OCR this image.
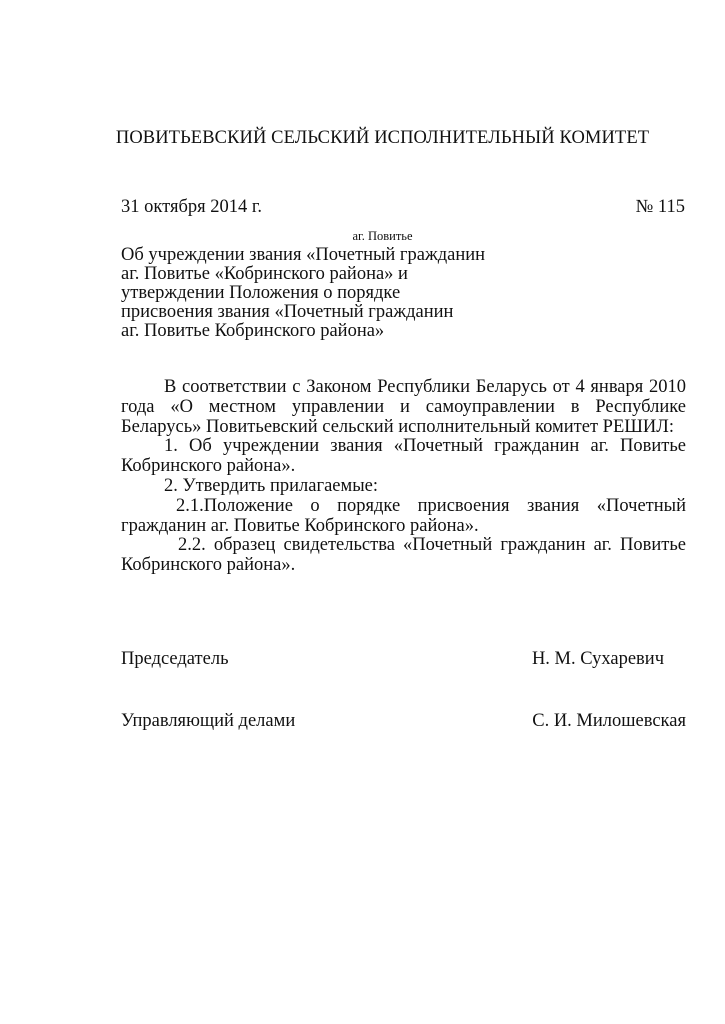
ПОВИТЬЕВСКИЙ СЕЛЬСКИЙ ИСПОЛНИТЕЛЬНЫЙ КОМИТЕТ
31 октября 2014 г.	№ 115
аг. Повитье
Об учреждении звания «Почетный гражданин
аг. Повитье «Кобринского района» и
утверждении Положения о порядке
присвоения звания «Почетный гражданин
аг. Повитье Кобринского района»
В соответствии с Законом Республики Беларусь от 4 января 2010 года «О местном управлении и самоуправлении в Республике Беларусь» Повитьевский сельский исполнительный комитет РЕШИЛ:
1. Об учреждении звания «Почетный гражданин аг. Повитье Кобринского района».
2. Утвердить прилагаемые:
2.1.Положение о порядке присвоения звания «Почетный гражданин аг. Повитье Кобринского района».
2.2. образец свидетельства «Почетный гражданин аг. Повитье Кобринского района».
Председатель	Н. М. Сухаревич
Управляющий делами	С. И. Милошевская
